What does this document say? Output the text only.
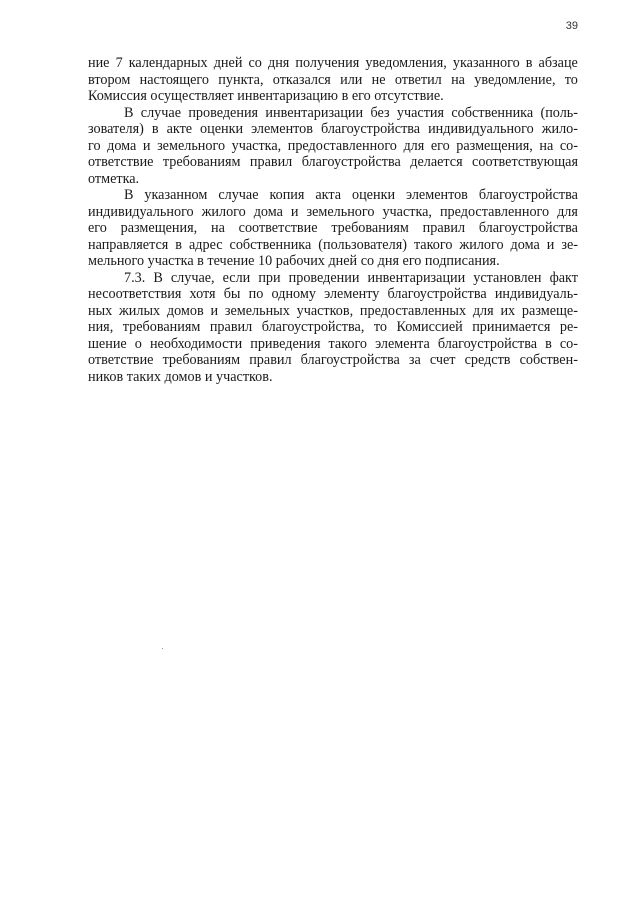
39
ние 7 календарных дней со дня получения уведомления, указанного в абзаце
втором настоящего пункта, отказался или не ответил на уведомление, то
Комиссия осуществляет инвентаризацию в его отсутствие.
В случае проведения инвентаризации без участия собственника (поль-
зователя) в акте оценки элементов благоустройства индивидуального жило-
го дома и земельного участка, предоставленного для его размещения, на со-
ответствие требованиям правил благоустройства делается соответствующая
отметка.
В указанном случае копия акта оценки элементов благоустройства
индивидуального жилого дома и земельного участка, предоставленного для
его размещения, на соответствие требованиям правил благоустройства
направляется в адрес собственника (пользователя) такого жилого дома и зе-
мельного участка в течение 10 рабочих дней со дня его подписания.
7.3. В случае, если при проведении инвентаризации установлен факт
несоответствия хотя бы по одному элементу благоустройства индивидуаль-
ных жилых домов и земельных участков, предоставленных для их размеще-
ния, требованиям правил благоустройства, то Комиссией принимается ре-
шение о необходимости приведения такого элемента благоустройства в со-
ответствие требованиям правил благоустройства за счет средств собствен-
ников таких домов и участков.
